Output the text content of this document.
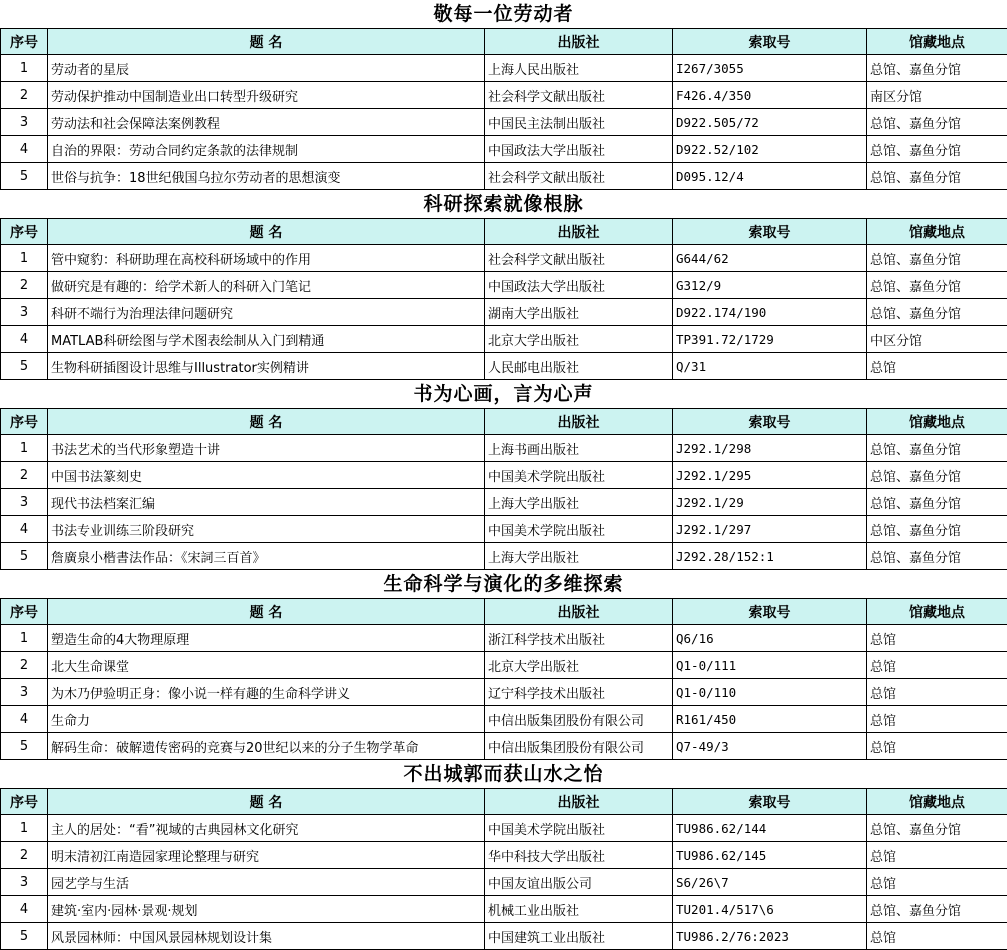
敬每一位劳动者
序号	题 名	出版社	索取号	馆藏地点
1	劳动者的星辰	上海人民出版社	I267/3055	总馆、嘉鱼分馆
2	劳动保护推动中国制造业出口转型升级研究	社会科学文献出版社	F426.4/350	南区分馆
3	劳动法和社会保障法案例教程	中国民主法制出版社	D922.505/72	总馆、嘉鱼分馆
4	自治的界限：劳动合同约定条款的法律规制	中国政法大学出版社	D922.52/102	总馆、嘉鱼分馆
5	世俗与抗争：18世纪俄国乌拉尔劳动者的思想演变	社会科学文献出版社	D095.12/4	总馆、嘉鱼分馆
科研探索就像根脉
序号	题 名	出版社	索取号	馆藏地点
1	管中窥豹：科研助理在高校科研场域中的作用	社会科学文献出版社	G644/62	总馆、嘉鱼分馆
2	做研究是有趣的：给学术新人的科研入门笔记	中国政法大学出版社	G312/9	总馆、嘉鱼分馆
3	科研不端行为治理法律问题研究	湖南大学出版社	D922.174/190	总馆、嘉鱼分馆
4	MATLAB科研绘图与学术图表绘制从入门到精通	北京大学出版社	TP391.72/1729	中区分馆
5	生物科研插图设计思维与Illustrator实例精讲	人民邮电出版社	Q/31	总馆
书为心画，言为心声
序号	题 名	出版社	索取号	馆藏地点
1	书法艺术的当代形象塑造十讲	上海书画出版社	J292.1/298	总馆、嘉鱼分馆
2	中国书法篆刻史	中国美术学院出版社	J292.1/295	总馆、嘉鱼分馆
3	现代书法档案汇编	上海大学出版社	J292.1/29	总馆、嘉鱼分馆
4	书法专业训练三阶段研究	中国美术学院出版社	J292.1/297	总馆、嘉鱼分馆
5	詹廣泉小楷書法作品：《宋詞三百首》	上海大学出版社	J292.28/152:1	总馆、嘉鱼分馆
生命科学与演化的多维探索
序号	题 名	出版社	索取号	馆藏地点
1	塑造生命的4大物理原理	浙江科学技术出版社	Q6/16	总馆
2	北大生命课堂	北京大学出版社	Q1-0/111	总馆
3	为木乃伊验明正身：像小说一样有趣的生命科学讲义	辽宁科学技术出版社	Q1-0/110	总馆
4	生命力	中信出版集团股份有限公司	R161/450	总馆
5	解码生命：破解遗传密码的竞赛与20世纪以来的分子生物学革命	中信出版集团股份有限公司	Q7-49/3	总馆
不出城郭而获山水之怡
序号	题 名	出版社	索取号	馆藏地点
1	主人的居处：“看”视域的古典园林文化研究	中国美术学院出版社	TU986.62/144	总馆、嘉鱼分馆
2	明末清初江南造园家理论整理与研究	华中科技大学出版社	TU986.62/145	总馆
3	园艺学与生活	中国友谊出版公司	S6/26\7	总馆
4	建筑·室内·园林·景观·规划	机械工业出版社	TU201.4/517\6	总馆、嘉鱼分馆
5	风景园林师：中国风景园林规划设计集	中国建筑工业出版社	TU986.2/76:2023	总馆
